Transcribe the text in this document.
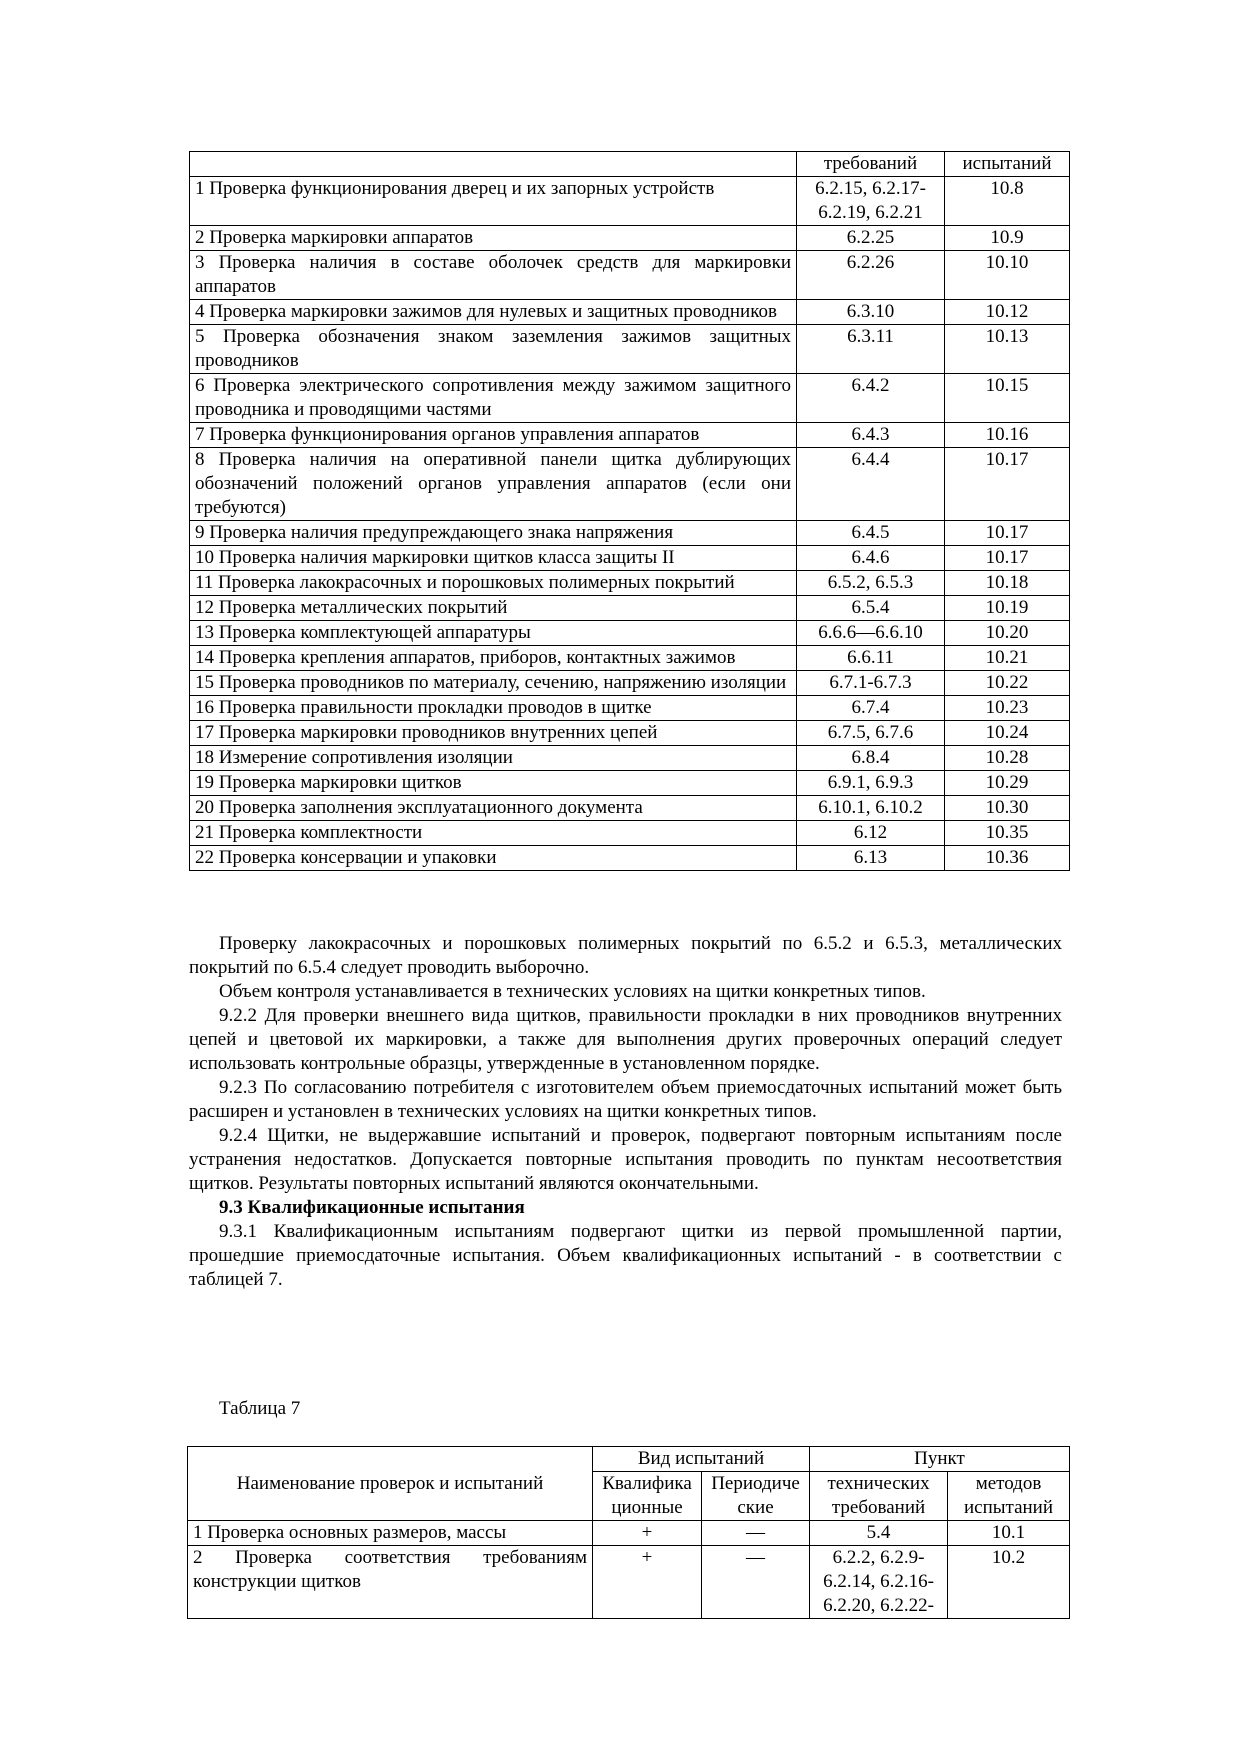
	требований	испытаний
1 Проверка функционирования дверец и их запорных устройств	6.2.15, 6.2.17-6.2.19, 6.2.21	10.8
2 Проверка маркировки аппаратов	6.2.25	10.9
3 Проверка наличия в составе оболочек средств для маркировки аппаратов	6.2.26	10.10
4 Проверка маркировки зажимов для нулевых и защитных проводников	6.3.10	10.12
5 Проверка обозначения знаком заземления зажимов защитных проводников	6.3.11	10.13
6 Проверка электрического сопротивления между зажимом защитного проводника и проводящими частями	6.4.2	10.15
7 Проверка функционирования органов управления аппаратов	6.4.3	10.16
8 Проверка наличия на оперативной панели щитка дублирующих обозначений положений органов управления аппаратов (если они требуются)	6.4.4	10.17
9 Проверка наличия предупреждающего знака напряжения	6.4.5	10.17
10 Проверка наличия маркировки щитков класса защиты II	6.4.6	10.17
11 Проверка лакокрасочных и порошковых полимерных покрытий	6.5.2, 6.5.3	10.18
12 Проверка металлических покрытий	6.5.4	10.19
13 Проверка комплектующей аппаратуры	6.6.6—6.6.10	10.20
14 Проверка крепления аппаратов, приборов, контактных зажимов	6.6.11	10.21
15 Проверка проводников по материалу, сечению, напряжению изоляции	6.7.1-6.7.3	10.22
16 Проверка правильности прокладки проводов в щитке	6.7.4	10.23
17 Проверка маркировки проводников внутренних цепей	6.7.5, 6.7.6	10.24
18 Измерение сопротивления изоляции	6.8.4	10.28
19 Проверка маркировки щитков	6.9.1, 6.9.3	10.29
20 Проверка заполнения эксплуатационного документа	6.10.1, 6.10.2	10.30
21 Проверка комплектности	6.12	10.35
22 Проверка консервации и упаковки	6.13	10.36

Проверку лакокрасочных и порошковых полимерных покрытий по 6.5.2 и 6.5.3, металлических покрытий по 6.5.4 следует проводить выборочно.

Объем контроля устанавливается в технических условиях на щитки конкретных типов.

9.2.2 Для проверки внешнего вида щитков, правильности прокладки в них проводников внутренних цепей и цветовой их маркировки, а также для выполнения других проверочных операций следует использовать контрольные образцы, утвержденные в установленном порядке.

9.2.3 По согласованию потребителя с изготовителем объем приемосдаточных испытаний может быть расширен и установлен в технических условиях на щитки конкретных типов.

9.2.4 Щитки, не выдержавшие испытаний и проверок, подвергают повторным испытаниям после устранения недостатков. Допускается повторные испытания проводить по пунктам несоответствия щитков. Результаты повторных испытаний являются окончательными.

9.3 Квалификационные испытания

9.3.1 Квалификационным испытаниям подвергают щитки из первой промышленной партии, прошедшие приемосдаточные испытания. Объем квалификационных испытаний - в соответствии с таблицей 7.

Таблица 7
Наименование проверок и испытаний	Вид испытаний		Пункт	
	Квалификационные	Периодические	технических требований	методов испытаний
1 Проверка основных размеров, массы	+	—	5.4	10.1
2 Проверка соответствия требованиям конструкции щитков	+	—	6.2.2, 6.2.9-6.2.14, 6.2.16-6.2.20, 6.2.22-	10.2
